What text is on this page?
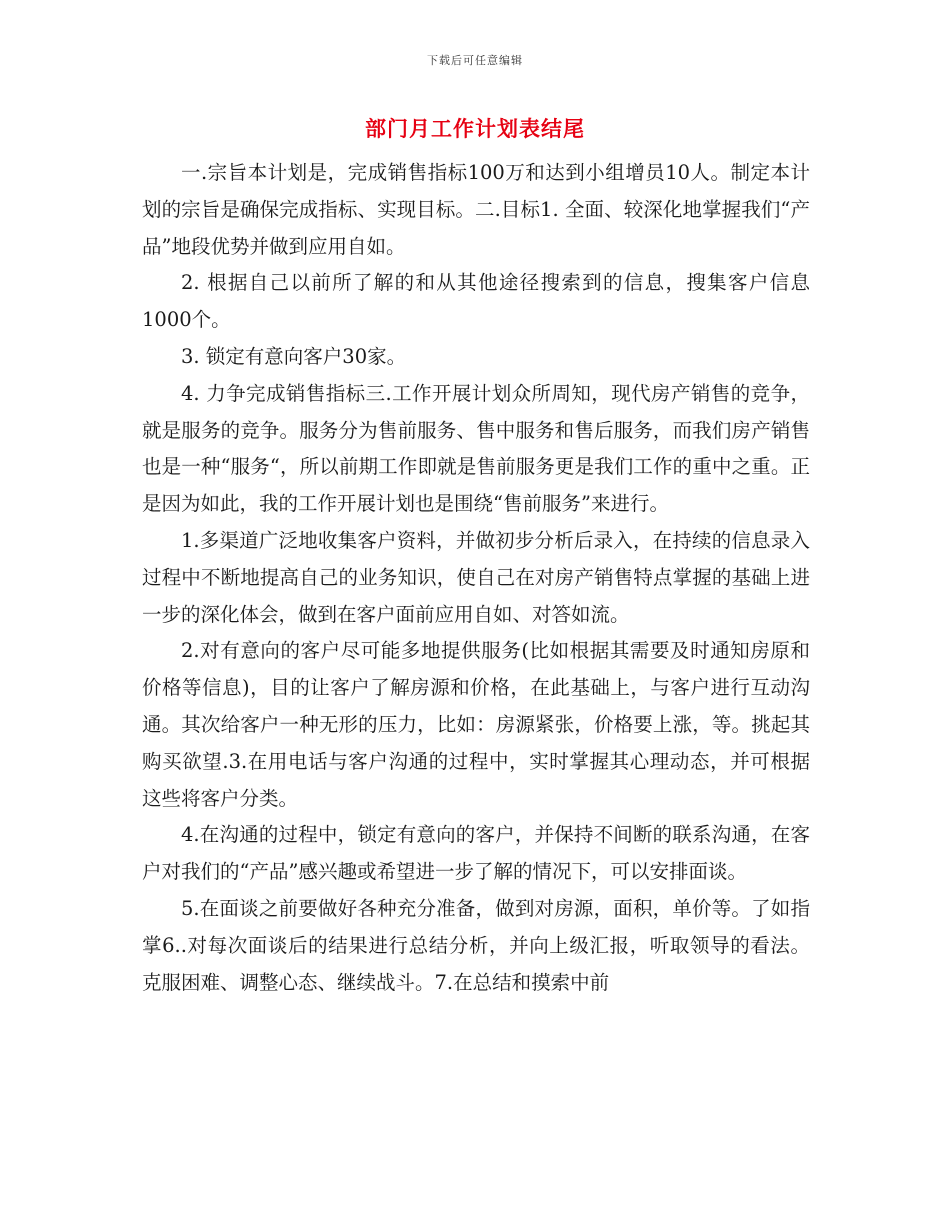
下载后可任意编辑
部门月工作计划表结尾

一.宗旨本计划是，完成销售指标100万和达到小组增员10人。制定本计划的宗旨是确保完成指标、实现目标。二.目标1. 全面、较深化地掌握我们“产品”地段优势并做到应用自如。

2. 根据自己以前所了解的和从其他途径搜索到的信息，搜集客户信息1000个。

3. 锁定有意向客户30家。

4. 力争完成销售指标三.工作开展计划众所周知，现代房产销售的竞争，就是服务的竞争。服务分为售前服务、售中服务和售后服务，而我们房产销售也是一种“服务“，所以前期工作即就是售前服务更是我们工作的重中之重。正是因为如此，我的工作开展计划也是围绕“售前服务”来进行。

1.多渠道广泛地收集客户资料，并做初步分析后录入，在持续的信息录入过程中不断地提高自己的业务知识，使自己在对房产销售特点掌握的基础上进一步的深化体会，做到在客户面前应用自如、对答如流。

2.对有意向的客户尽可能多地提供服务(比如根据其需要及时通知房原和价格等信息)，目的让客户了解房源和价格，在此基础上，与客户进行互动沟通。其次给客户一种无形的压力，比如：房源紧张，价格要上涨，等。挑起其购买欲望.3.在用电话与客户沟通的过程中，实时掌握其心理动态，并可根据这些将客户分类。

4.在沟通的过程中，锁定有意向的客户，并保持不间断的联系沟通，在客户对我们的“产品”感兴趣或希望进一步了解的情况下，可以安排面谈。

5.在面谈之前要做好各种充分准备，做到对房源，面积，单价等。了如指掌6..对每次面谈后的结果进行总结分析，并向上级汇报，听取领导的看法。克服困难、调整心态、继续战斗。7.在总结和摸索中前
